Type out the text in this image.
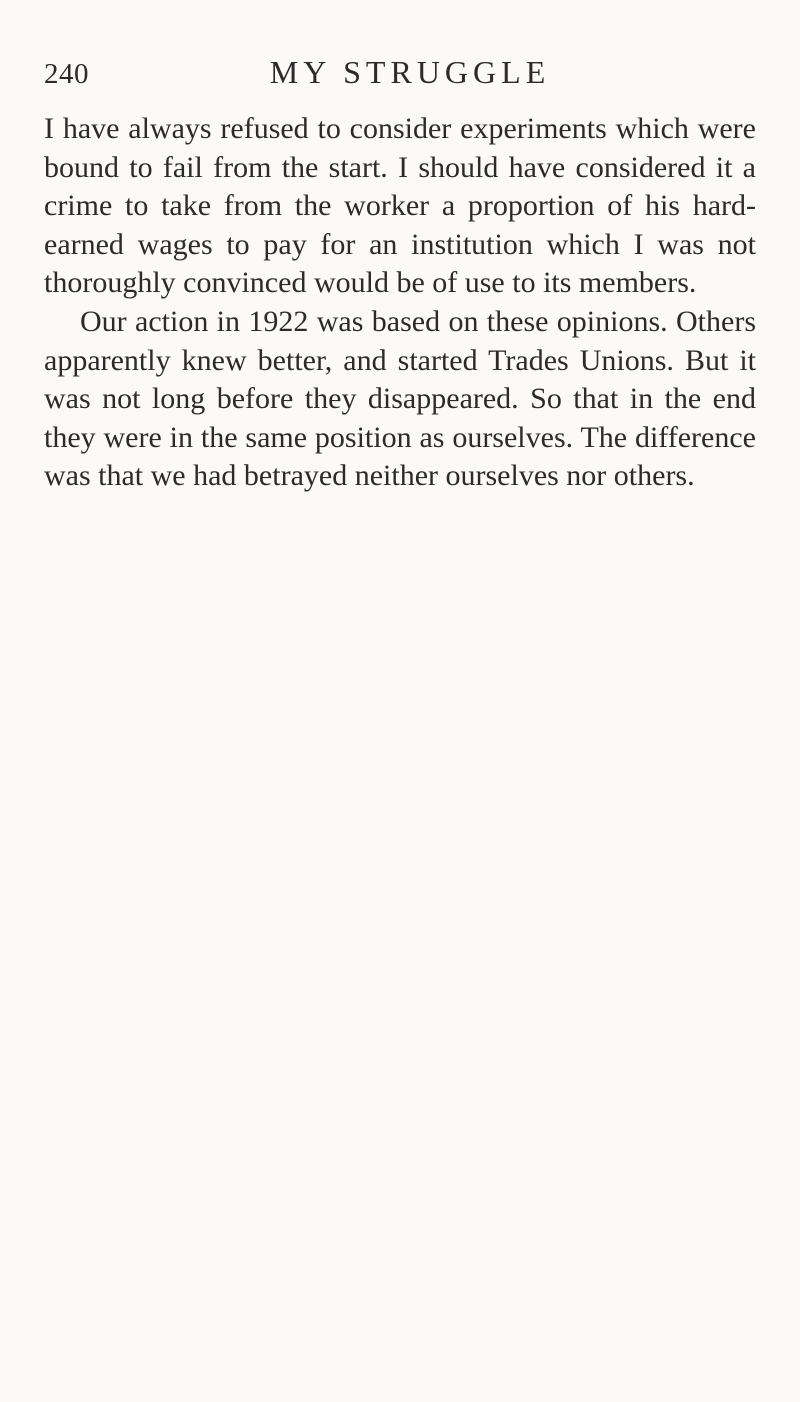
240	MY STRUGGLE

I have always refused to consider experiments which were bound to fail from the start. I should have considered it a crime to take from the worker a proportion of his hard-earned wages to pay for an institution which I was not thoroughly convinced would be of use to its members.

Our action in 1922 was based on these opinions. Others apparently knew better, and started Trades Unions. But it was not long before they disappeared. So that in the end they were in the same position as ourselves. The difference was that we had betrayed neither ourselves nor others.
